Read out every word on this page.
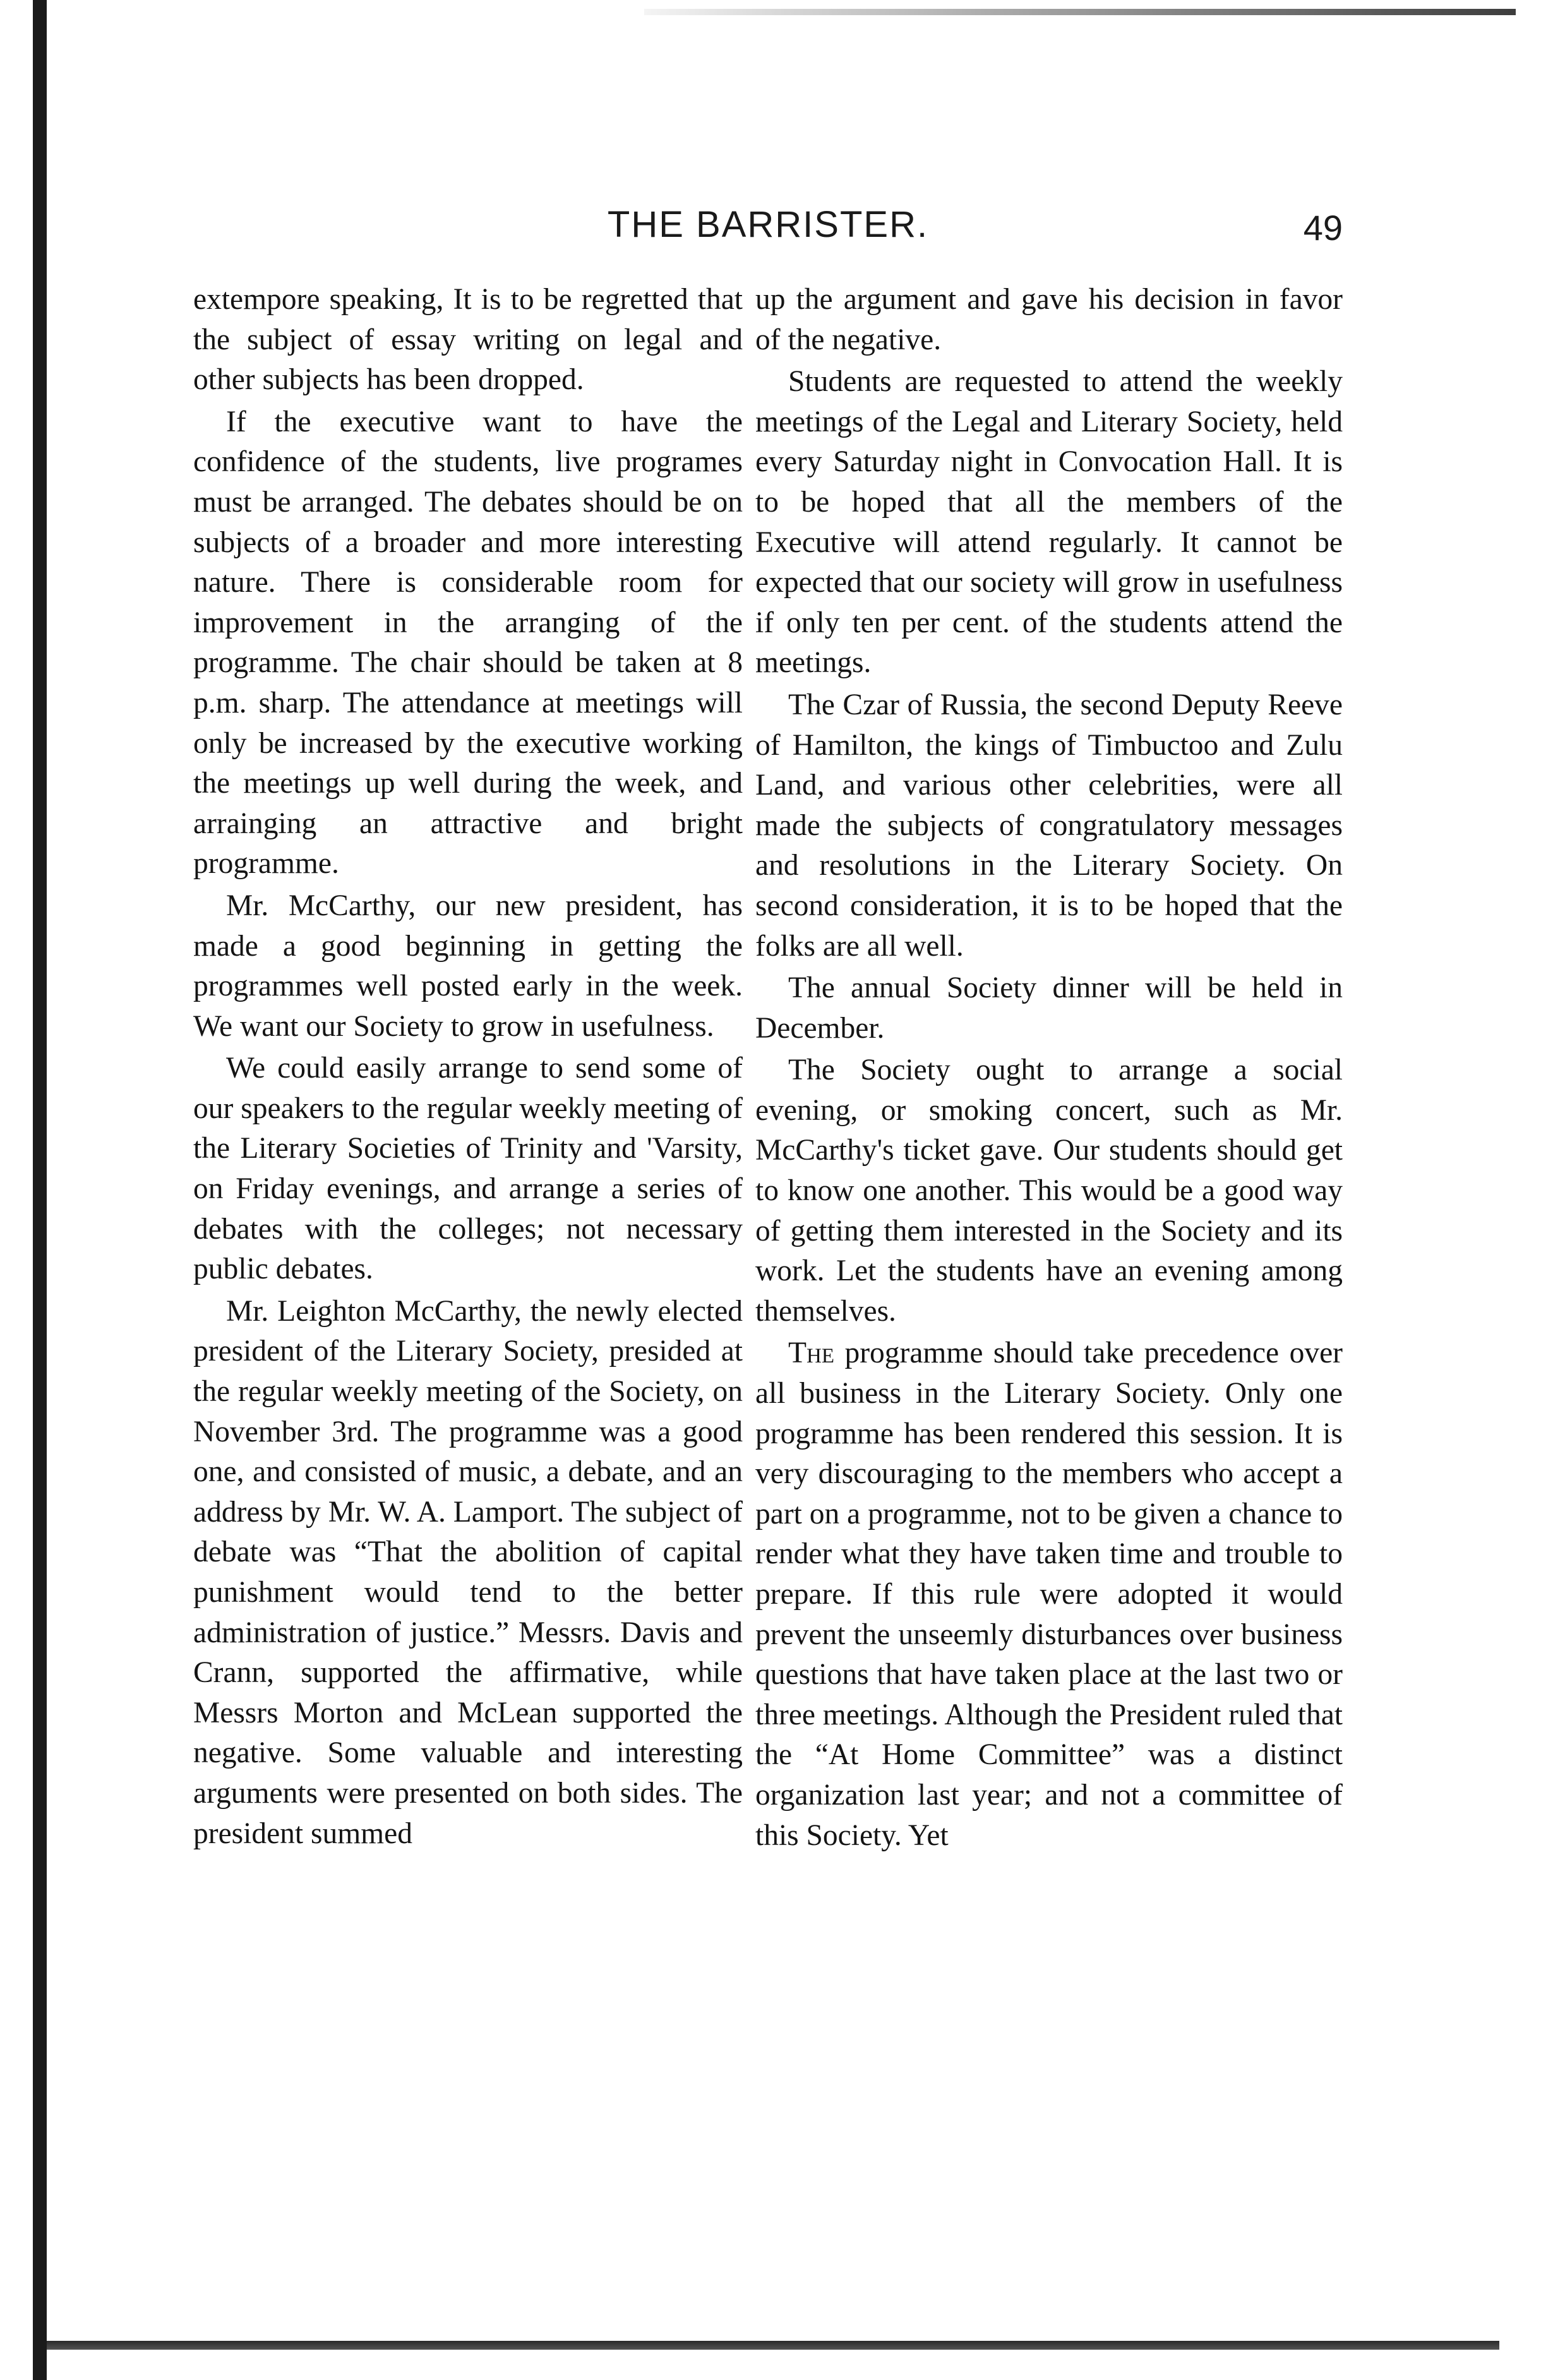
THE BARRISTER.	49

extempore speaking, It is to be regretted that the subject of essay writing on legal and other subjects has been dropped.

If the executive want to have the confidence of the students, live programes must be arranged. The debates should be on subjects of a broader and more interesting nature. There is considerable room for improvement in the arranging of the programme. The chair should be taken at 8 p.m. sharp. The attendance at meetings will only be increased by the executive working the meetings up well during the week, and arrainging an attractive and bright programme.

Mr. McCarthy, our new president, has made a good beginning in getting the programmes well posted early in the week. We want our Society to grow in usefulness.

We could easily arrange to send some of our speakers to the regular weekly meeting of the Literary Societies of Trinity and 'Varsity, on Friday evenings, and arrange a series of debates with the colleges; not necessary public debates.

Mr. Leighton McCarthy, the newly elected president of the Literary Society, presided at the regular weekly meeting of the Society, on November 3rd. The programme was a good one, and consisted of music, a debate, and an address by Mr. W. A. Lamport. The subject of debate was “That the abolition of capital punishment would tend to the better administration of justice.” Messrs. Davis and Crann, supported the affirmative, while Messrs Morton and McLean supported the negative. Some valuable and interesting arguments were presented on both sides. The president summed

up the argument and gave his decision in favor of the negative.

Students are requested to attend the weekly meetings of the Legal and Literary Society, held every Saturday night in Convocation Hall. It is to be hoped that all the members of the Executive will attend regularly. It cannot be expected that our society will grow in usefulness if only ten per cent. of the students attend the meetings.

The Czar of Russia, the second Deputy Reeve of Hamilton, the kings of Timbuctoo and Zulu Land, and various other celebrities, were all made the subjects of congratulatory messages and resolutions in the Literary Society. On second consideration, it is to be hoped that the folks are all well.

The annual Society dinner will be held in December.

The Society ought to arrange a social evening, or smoking concert, such as Mr. McCarthy's ticket gave. Our students should get to know one another. This would be a good way of getting them interested in the Society and its work. Let the students have an evening among themselves.

The programme should take precedence over all business in the Literary Society. Only one programme has been rendered this session. It is very discouraging to the members who accept a part on a programme, not to be given a chance to render what they have taken time and trouble to prepare. If this rule were adopted it would prevent the unseemly disturbances over business questions that have taken place at the last two or three meetings. Although the President ruled that the “At Home Committee” was a distinct organization last year; and not a committee of this Society. Yet
